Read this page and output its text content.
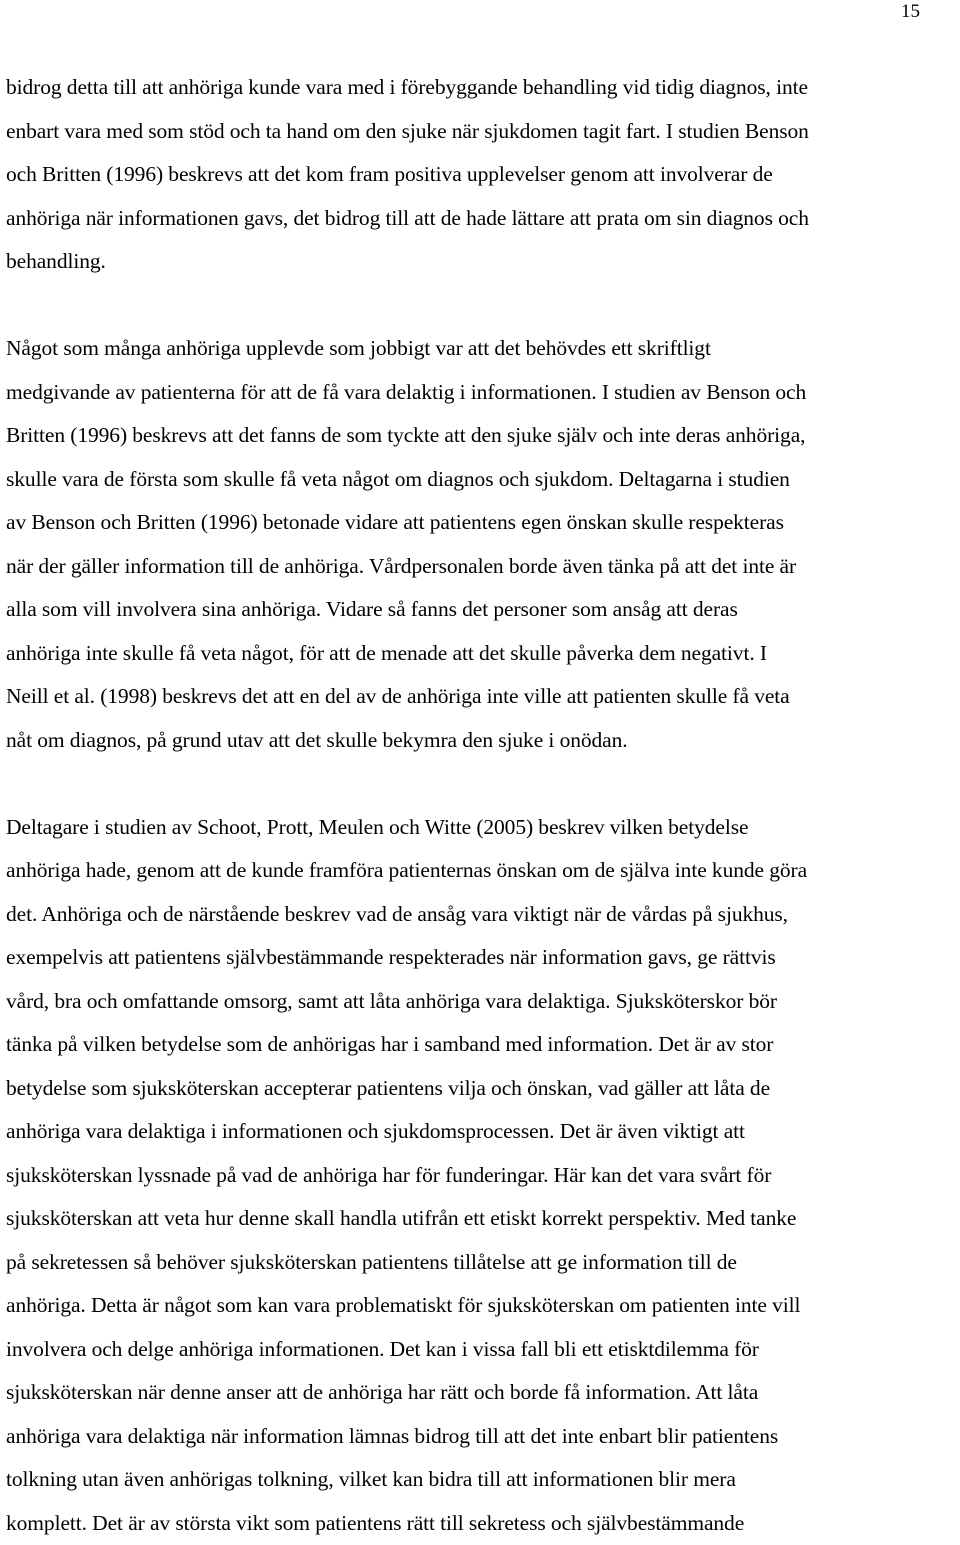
15
bidrog detta till att anhöriga kunde vara med i förebyggande behandling vid tidig diagnos, inte
enbart vara med som stöd och ta hand om den sjuke när sjukdomen tagit fart. I studien Benson
och Britten (1996) beskrevs att det kom fram positiva upplevelser genom att involverar de
anhöriga när informationen gavs, det bidrog till att de hade lättare att prata om sin diagnos och
behandling.
Något som många anhöriga upplevde som jobbigt var att det behövdes ett skriftligt
medgivande av patienterna för att de få vara delaktig i informationen. I studien av Benson och
Britten (1996) beskrevs att det fanns de som tyckte att den sjuke själv och inte deras anhöriga,
skulle vara de första som skulle få veta något om diagnos och sjukdom. Deltagarna i studien
av Benson och Britten (1996) betonade vidare att patientens egen önskan skulle respekteras
när der gäller information till de anhöriga. Vårdpersonalen borde även tänka på att det inte är
alla som vill involvera sina anhöriga. Vidare så fanns det personer som ansåg att deras
anhöriga inte skulle få veta något, för att de menade att det skulle påverka dem negativt. I
Neill et al. (1998) beskrevs det att en del av de anhöriga inte ville att patienten skulle få veta
nåt om diagnos, på grund utav att det skulle bekymra den sjuke i onödan.
Deltagare i studien av Schoot, Prott, Meulen och Witte (2005) beskrev vilken betydelse
anhöriga hade, genom att de kunde framföra patienternas önskan om de själva inte kunde göra
det. Anhöriga och de närstående beskrev vad de ansåg vara viktigt när de vårdas på sjukhus,
exempelvis att patientens självbestämmande respekterades när information gavs, ge rättvis
vård, bra och omfattande omsorg, samt att låta anhöriga vara delaktiga. Sjuksköterskor bör
tänka på vilken betydelse som de anhörigas har i samband med information. Det är av stor
betydelse som sjuksköterskan accepterar patientens vilja och önskan, vad gäller att låta de
anhöriga vara delaktiga i informationen och sjukdomsprocessen. Det är även viktigt att
sjuksköterskan lyssnade på vad de anhöriga har för funderingar. Här kan det vara svårt för
sjuksköterskan att veta hur denne skall handla utifrån ett etiskt korrekt perspektiv. Med tanke
på sekretessen så behöver sjuksköterskan patientens tillåtelse att ge information till de
anhöriga. Detta är något som kan vara problematiskt för sjuksköterskan om patienten inte vill
involvera och delge anhöriga informationen. Det kan i vissa fall bli ett etisktdilemma för
sjuksköterskan när denne anser att de anhöriga har rätt och borde få information. Att låta
anhöriga vara delaktiga när information lämnas bidrog till att det inte enbart blir patientens
tolkning utan även anhörigas tolkning, vilket kan bidra till att informationen blir mera
komplett. Det är av största vikt som patientens rätt till sekretess och självbestämmande
